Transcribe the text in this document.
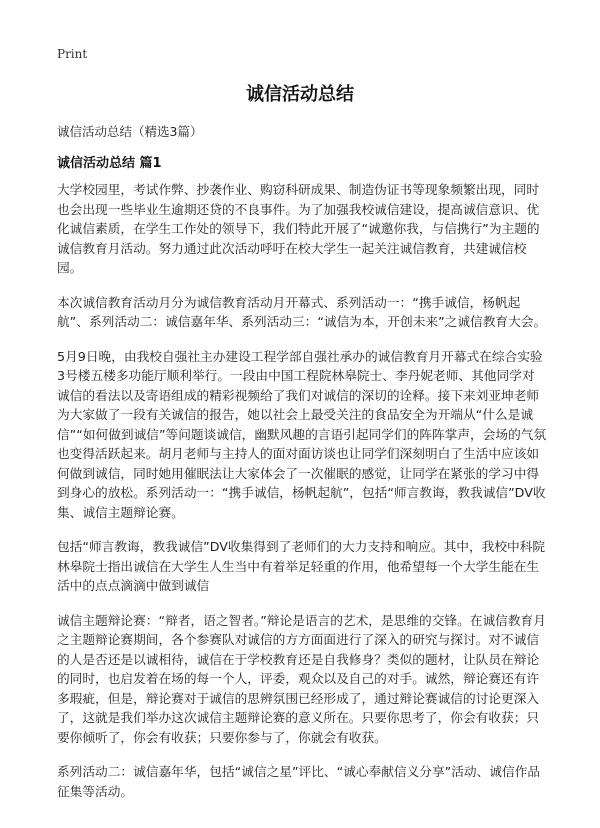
Print
诚信活动总结
诚信活动总结（精选3篇）
诚信活动总结 篇1

大学校园里，考试作弊、抄袭作业、购窃科研成果、制造伪证书等现象频繁出现，同时也会出现一些毕业生逾期还贷的不良事件。为了加强我校诚信建设，提高诚信意识、优化诚信素质，在学生工作处的领导下，我们特此开展了“诚邀你我，与信携行”为主题的诚信教育月活动。努力通过此次活动呼吁在校大学生一起关注诚信教育，共建诚信校园。

本次诚信教育活动月分为诚信教育活动月开幕式、系列活动一：“携手诚信，杨帆起航”、系列活动二：诚信嘉年华、系列活动三：“诚信为本，开创未来”之诚信教育大会。

5月9日晚，由我校自强社主办建设工程学部自强社承办的诚信教育月开幕式在综合实验3号楼五楼多功能厅顺利举行。一段由中国工程院林皋院士、李丹妮老师、其他同学对诚信的看法以及寄语组成的精彩视频给了我们对诚信的深切的诠释。接下来刘亚坤老师为大家做了一段有关诚信的报告，她以社会上最受关注的食品安全为开端从“什么是诚信”“如何做到诚信”等问题谈诚信，幽默风趣的言语引起同学们的阵阵掌声，会场的气氛也变得活跃起来。胡月老师与主持人的面对面访谈也让同学们深刻明白了生活中应该如何做到诚信，同时她用催眠法让大家体会了一次催眠的感觉，让同学在紧张的学习中得到身心的放松。系列活动一：“携手诚信，杨帆起航”，包括“师言教诲，教我诚信”DV收集、诚信主题辩论赛。

包括“师言教诲，教我诚信”DV收集得到了老师们的大力支持和响应。其中，我校中科院林皋院士指出诚信在大学生人生当中有着举足轻重的作用，他希望每一个大学生能在生活中的点点滴滴中做到诚信

诚信主题辩论赛：“辩者，语之智者。”辩论是语言的艺术，是思维的交锋。在诚信教育月之主题辩论赛期间，各个参赛队对诚信的方方面面进行了深入的研究与探讨。对不诚信的人是否还是以诚相待，诚信在于学校教育还是自我修身？类似的题材，让队员在辩论的同时，也启发着在场的每一个人，评委，观众以及自己的对手。诚然，辩论赛还有许多瑕疵，但是，辩论赛对于诚信的思辨氛围已经形成了，通过辩论赛诚信的讨论更深入了，这就是我们举办这次诚信主题辩论赛的意义所在。只要你思考了，你会有收获；只要你倾听了，你会有收获；只要你参与了，你就会有收获。

系列活动二：诚信嘉年华，包括“诚信之星”评比、“诚心奉献信义分享”活动、诚信作品征集等活动。
